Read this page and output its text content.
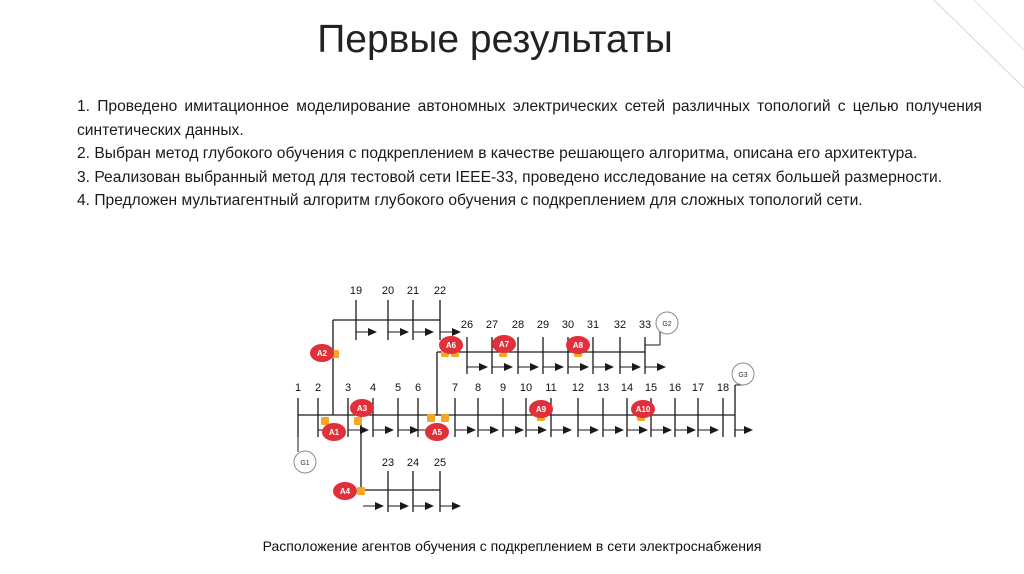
Первые результаты

1. Проведено имитационное моделирование автономных электрических сетей различных топологий с целью получения синтетических данных.

2. Выбран метод глубокого обучения с подкреплением в качестве решающего алгоритма, описана его архитектура.

3. Реализован выбранный метод для тестовой сети IEEE-33, проведено исследование на сетях большей размерности.

4. Предложен мультиагентный алгоритм глубокого обучения с подкреплением для сложных топологий сети.

1 2 3 4 5 6	7 8 9 10 11 12 13 14 15 16 17 18
19 20 21 22
26 27 28 29 30 31 32 33
23 24 25
G1
G2
G3
A1
A2
A3
A4
A5
A6	A7	A8
A9	A10
Расположение агентов обучения с подкреплением в сети электроснабжения
